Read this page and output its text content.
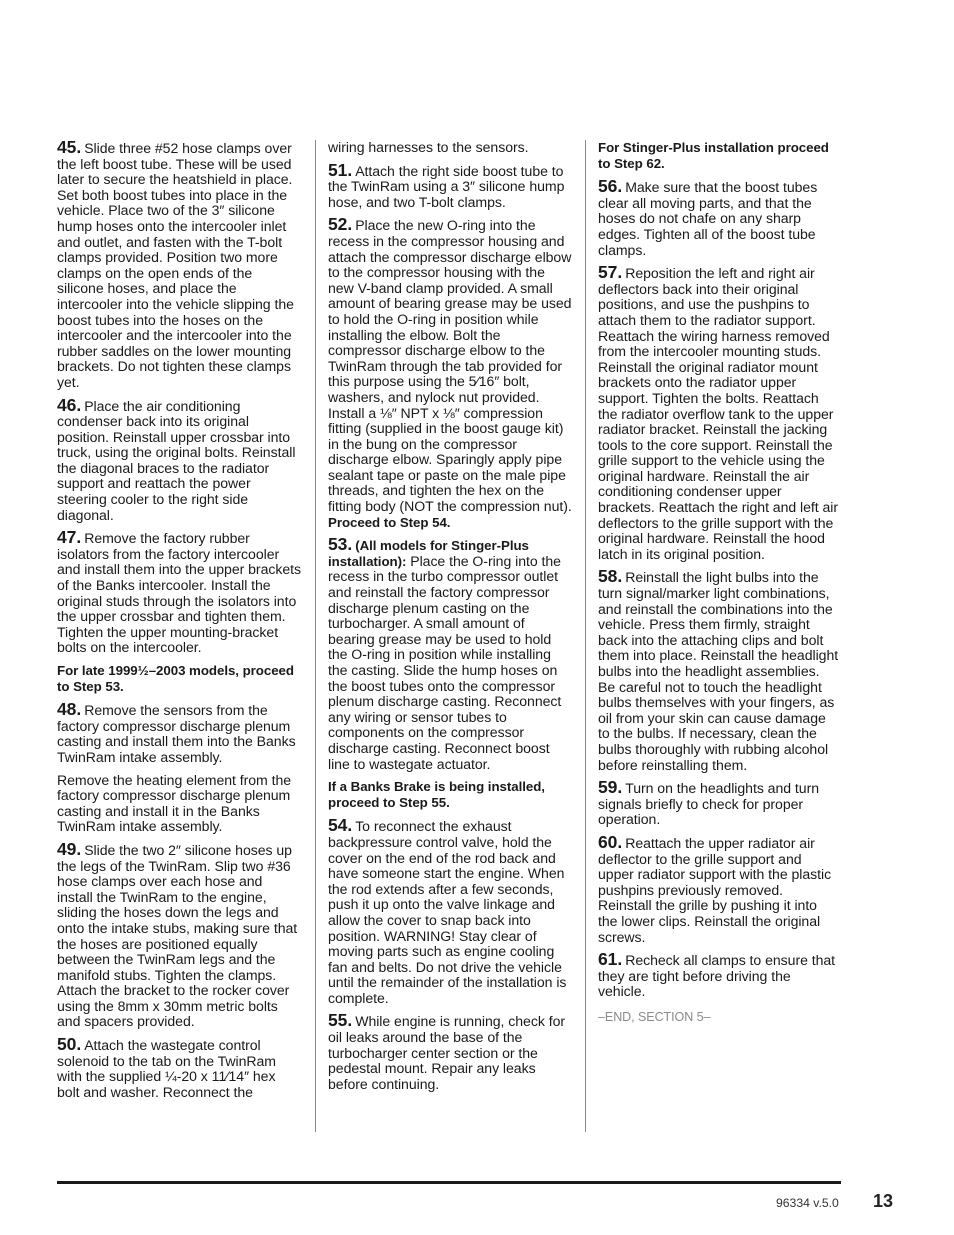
45. Slide three #52 hose clamps over the left boost tube. These will be used later to secure the heatshield in place. Set both boost tubes into place in the vehicle. Place two of the 3″ silicone hump hoses onto the intercooler inlet and outlet, and fasten with the T-bolt clamps provided. Position two more clamps on the open ends of the silicone hoses, and place the intercooler into the vehicle slipping the boost tubes into the hoses on the intercooler and the intercooler into the rubber saddles on the lower mounting brackets. Do not tighten these clamps yet.
46. Place the air conditioning condenser back into its original position. Reinstall upper crossbar into truck, using the original bolts. Reinstall the diagonal braces to the radiator support and reattach the power steering cooler to the right side diagonal.
47. Remove the factory rubber isolators from the factory intercooler and install them into the upper brackets of the Banks intercooler. Install the original studs through the isolators into the upper crossbar and tighten them. Tighten the upper mounting-bracket bolts on the intercooler.
For late 1999½–2003 models, proceed to Step 53.
48. Remove the sensors from the factory compressor discharge plenum casting and install them into the Banks TwinRam intake assembly.
Remove the heating element from the factory compressor discharge plenum casting and install it in the Banks TwinRam intake assembly.
49. Slide the two 2″ silicone hoses up the legs of the TwinRam. Slip two #36 hose clamps over each hose and install the TwinRam to the engine, sliding the hoses down the legs and onto the intake stubs, making sure that the hoses are positioned equally between the TwinRam legs and the manifold stubs. Tighten the clamps. Attach the bracket to the rocker cover using the 8mm x 30mm metric bolts and spacers provided.
50. Attach the wastegate control solenoid to the tab on the TwinRam with the supplied ¼-20 x 11⁄14″ hex bolt and washer. Reconnect the
wiring harnesses to the sensors.
51. Attach the right side boost tube to the TwinRam using a 3″ silicone hump hose, and two T-bolt clamps.
52. Place the new O-ring into the recess in the compressor housing and attach the compressor discharge elbow to the compressor housing with the new V-band clamp provided. A small amount of bearing grease may be used to hold the O-ring in position while installing the elbow. Bolt the compressor discharge elbow to the TwinRam through the tab provided for this purpose using the 5⁄16″ bolt, washers, and nylock nut provided. Install a ⅛″ NPT x ⅛″ compression fitting (supplied in the boost gauge kit) in the bung on the compressor discharge elbow. Sparingly apply pipe sealant tape or paste on the male pipe threads, and tighten the hex on the fitting body (NOT the compression nut). Proceed to Step 54.
53. (All models for Stinger-Plus installation): Place the O-ring into the recess in the turbo compressor outlet and reinstall the factory compressor discharge plenum casting on the turbocharger. A small amount of bearing grease may be used to hold the O-ring in position while installing the casting. Slide the hump hoses on the boost tubes onto the compressor plenum discharge casting. Reconnect any wiring or sensor tubes to components on the compressor discharge casting. Reconnect boost line to wastegate actuator.
If a Banks Brake is being installed, proceed to Step 55.
54. To reconnect the exhaust backpressure control valve, hold the cover on the end of the rod back and have someone start the engine. When the rod extends after a few seconds, push it up onto the valve linkage and allow the cover to snap back into position. WARNING! Stay clear of moving parts such as engine cooling fan and belts. Do not drive the vehicle until the remainder of the installation is complete.
55. While engine is running, check for oil leaks around the base of the turbocharger center section or the pedestal mount. Repair any leaks before continuing.
For Stinger-Plus installation proceed to Step 62.
56. Make sure that the boost tubes clear all moving parts, and that the hoses do not chafe on any sharp edges. Tighten all of the boost tube clamps.
57. Reposition the left and right air deflectors back into their original positions, and use the pushpins to attach them to the radiator support. Reattach the wiring harness removed from the intercooler mounting studs. Reinstall the original radiator mount brackets onto the radiator upper support. Tighten the bolts. Reattach the radiator overflow tank to the upper radiator bracket. Reinstall the jacking tools to the core support. Reinstall the grille support to the vehicle using the original hardware. Reinstall the air conditioning condenser upper brackets. Reattach the right and left air deflectors to the grille support with the original hardware. Reinstall the hood latch in its original position.
58. Reinstall the light bulbs into the turn signal/marker light combinations, and reinstall the combinations into the vehicle. Press them firmly, straight back into the attaching clips and bolt them into place. Reinstall the headlight bulbs into the headlight assemblies. Be careful not to touch the headlight bulbs themselves with your fingers, as oil from your skin can cause damage to the bulbs. If necessary, clean the bulbs thoroughly with rubbing alcohol before reinstalling them.
59. Turn on the headlights and turn signals briefly to check for proper operation.
60. Reattach the upper radiator air deflector to the grille support and upper radiator support with the plastic pushpins previously removed. Reinstall the grille by pushing it into the lower clips. Reinstall the original screws.
61. Recheck all clamps to ensure that they are tight before driving the vehicle.
–END, SECTION 5–
96334 v.5.0 13
